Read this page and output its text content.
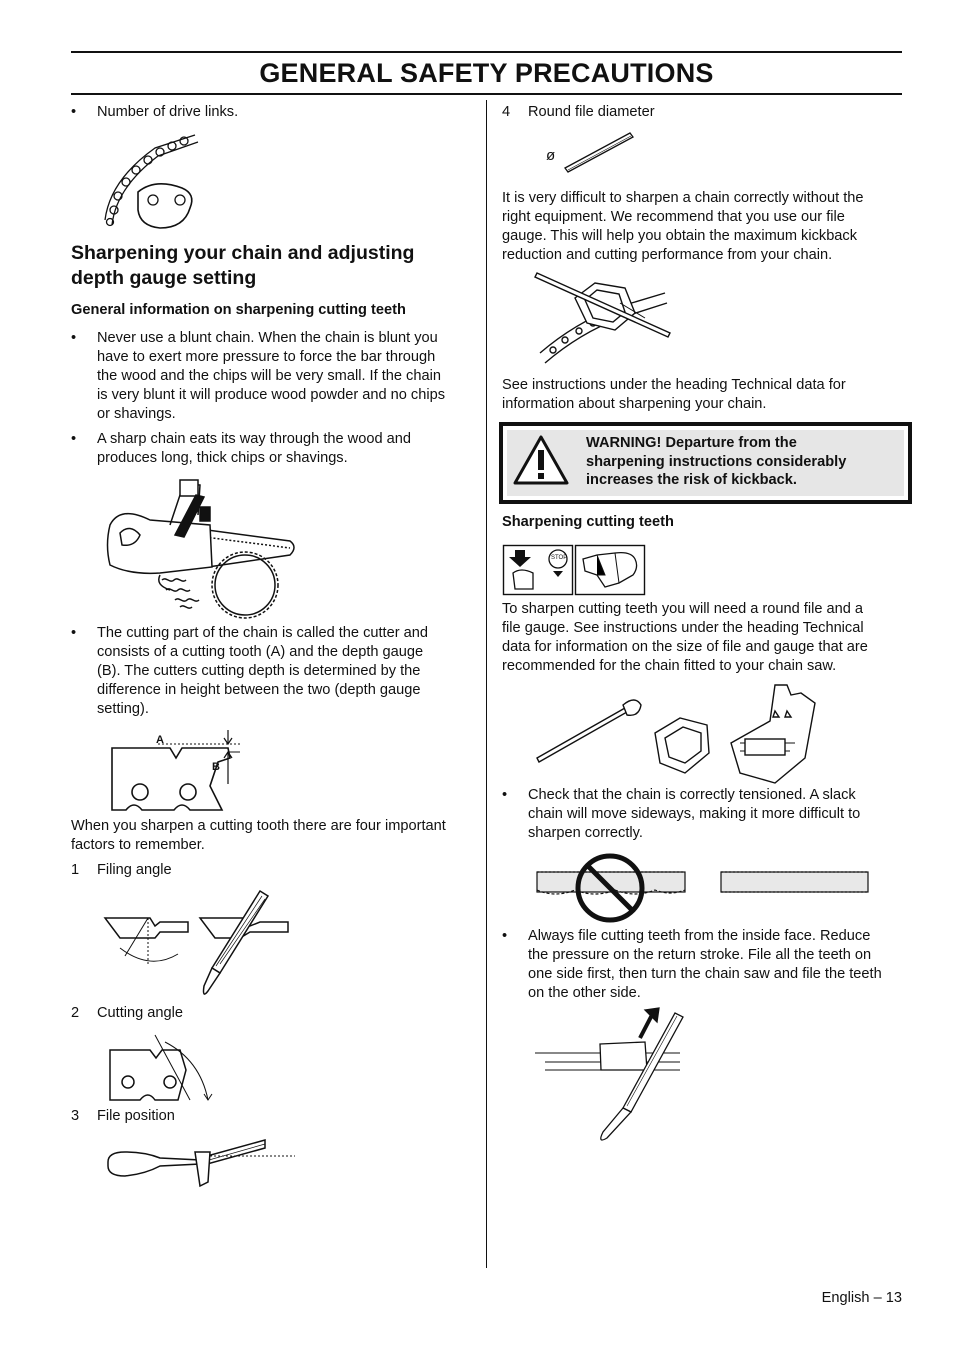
GENERAL SAFETY PRECAUTIONS
• Number of drive links.
Sharpening your chain and adjusting
depth gauge setting
General information on sharpening cutting teeth
• Never use a blunt chain. When the chain is blunt you
have to exert more pressure to force the bar through
the wood and the chips will be very small. If the chain
is very blunt it will produce wood powder and no chips
or shavings.
• A sharp chain eats its way through the wood and
produces long, thick chips or shavings.
• The cutting part of the chain is called the cutter and
consists of a cutting tooth (A) and the depth gauge
(B). The cutters cutting depth is determined by the
difference in height between the two (depth gauge
setting).
A
B
When you sharpen a cutting tooth there are four important
factors to remember.
1 Filing angle
2 Cutting angle
3 File position
4 Round file diameter
ø
It is very difficult to sharpen a chain correctly without the
right equipment. We recommend that you use our file
gauge. This will help you obtain the maximum kickback
reduction and cutting performance from your chain.
See instructions under the heading Technical data for
information about sharpening your chain.
WARNING! Departure from the
sharpening instructions considerably
increases the risk of kickback.
Sharpening cutting teeth
STOP
To sharpen cutting teeth you will need a round file and a
file gauge. See instructions under the heading Technical
data for information on the size of file and gauge that are
recommended for the chain fitted to your chain saw.
• Check that the chain is correctly tensioned. A slack
chain will move sideways, making it more difficult to
sharpen correctly.
• Always file cutting teeth from the inside face. Reduce
the pressure on the return stroke. File all the teeth on
one side first, then turn the chain saw and file the teeth
on the other side.
English – 13
